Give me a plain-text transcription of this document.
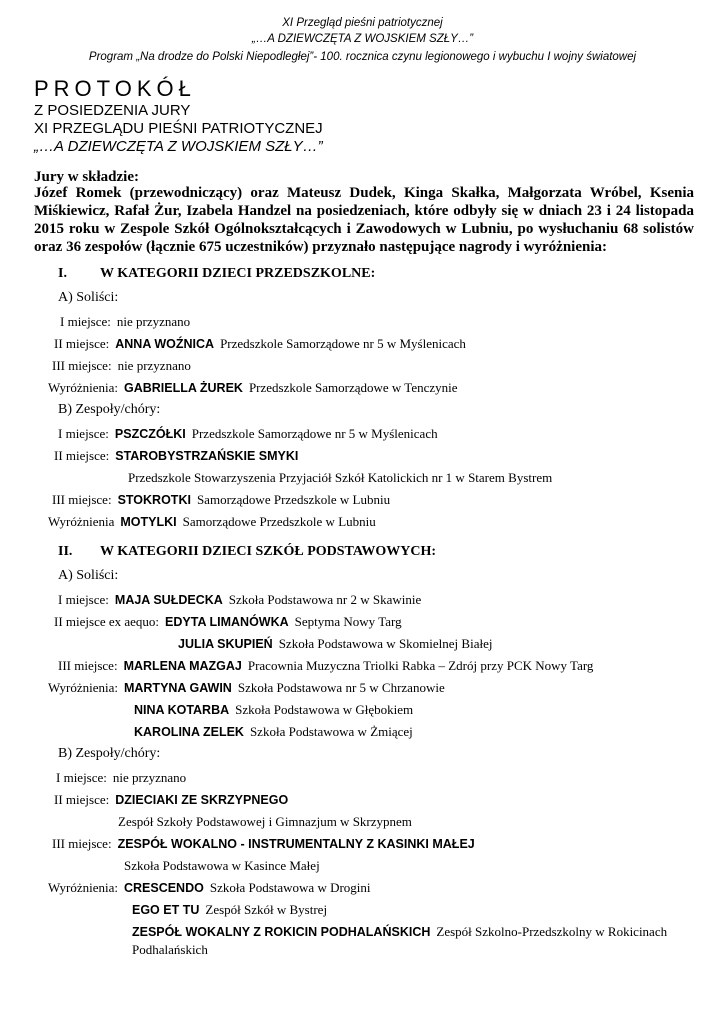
XI Przegląd pieśni patriotycznej
„…A DZIEWCZĘTA Z WOJSKIEM SZŁY…”
Program „Na drodze do Polski Niepodległej”- 100. rocznica czynu legionowego i wybuchu I wojny światowej
PROTOKÓŁ
Z POSIEDZENIA JURY
XI PRZEGLĄDU PIEŚNI PATRIOTYCZNEJ
„…A DZIEWCZĘTA Z WOJSKIEM SZŁY…”
Jury w składzie:
Józef Romek (przewodniczący) oraz Mateusz Dudek, Kinga Skałka, Małgorzata Wróbel, Ksenia Miśkiewicz, Rafał Żur, Izabela Handzel na posiedzeniach, które odbyły się w dniach 23 i 24 listopada 2015 roku w Zespole Szkół Ogólnokształcących i Zawodowych w Lubniu, po wysłuchaniu 68 solistów oraz 36 zespołów (łącznie 675 uczestników) przyznało następujące nagrody i wyróżnienia:
I. W KATEGORII DZIECI PRZEDSZKOLNE:
A) Soliści:
I miejsce: nie przyznano
II miejsce: ANNA WOŹNICA Przedszkole Samorządowe nr 5 w Myślenicach
III miejsce: nie przyznano
Wyróżnienia: GABRIELLA ŻUREK Przedszkole Samorządowe w Tenczynie
B) Zespoły/chóry:
I miejsce: PSZCZÓŁKI Przedszkole Samorządowe nr 5 w Myślenicach
II miejsce: STAROBYSTRZAŃSKIE SMYKI
Przedszkole Stowarzyszenia Przyjaciół Szkół Katolickich nr 1 w Starem Bystrem
III miejsce: STOKROTKI Samorządowe Przedszkole w Lubniu
Wyróżnienia MOTYLKI Samorządowe Przedszkole w Lubniu
II. W KATEGORII DZIECI SZKÓŁ PODSTAWOWYCH:
A) Soliści:
I miejsce: MAJA SUŁDECKA Szkoła Podstawowa nr 2 w Skawinie
II miejsce ex aequo: EDYTA LIMANÓWKA Septyma Nowy Targ
JULIA SKUPIEŃ Szkoła Podstawowa w Skomielnej Białej
III miejsce: MARLENA MAZGAJ Pracownia Muzyczna Triolki Rabka – Zdrój przy PCK Nowy Targ
Wyróżnienia: MARTYNA GAWIN Szkoła Podstawowa nr 5 w Chrzanowie
NINA KOTARBA Szkoła Podstawowa w Głębokiem
KAROLINA ZELEK Szkoła Podstawowa w Żmiącej
B) Zespoły/chóry:
I miejsce: nie przyznano
II miejsce: DZIECIAKI ZE SKRZYPNEGO
Zespół Szkoły Podstawowej i Gimnazjum w Skrzypnem
III miejsce: ZESPÓŁ WOKALNO - INSTRUMENTALNY Z KASINKI MAŁEJ
Szkoła Podstawowa w Kasince Małej
Wyróżnienia: CRESCENDO Szkoła Podstawowa w Drogini
EGO ET TU Zespół Szkół w Bystrej
ZESPÓŁ WOKALNY Z ROKICIN PODHALAŃSKICH Zespół Szkolno-Przedszkolny w Rokicinach
Podhalańskich
